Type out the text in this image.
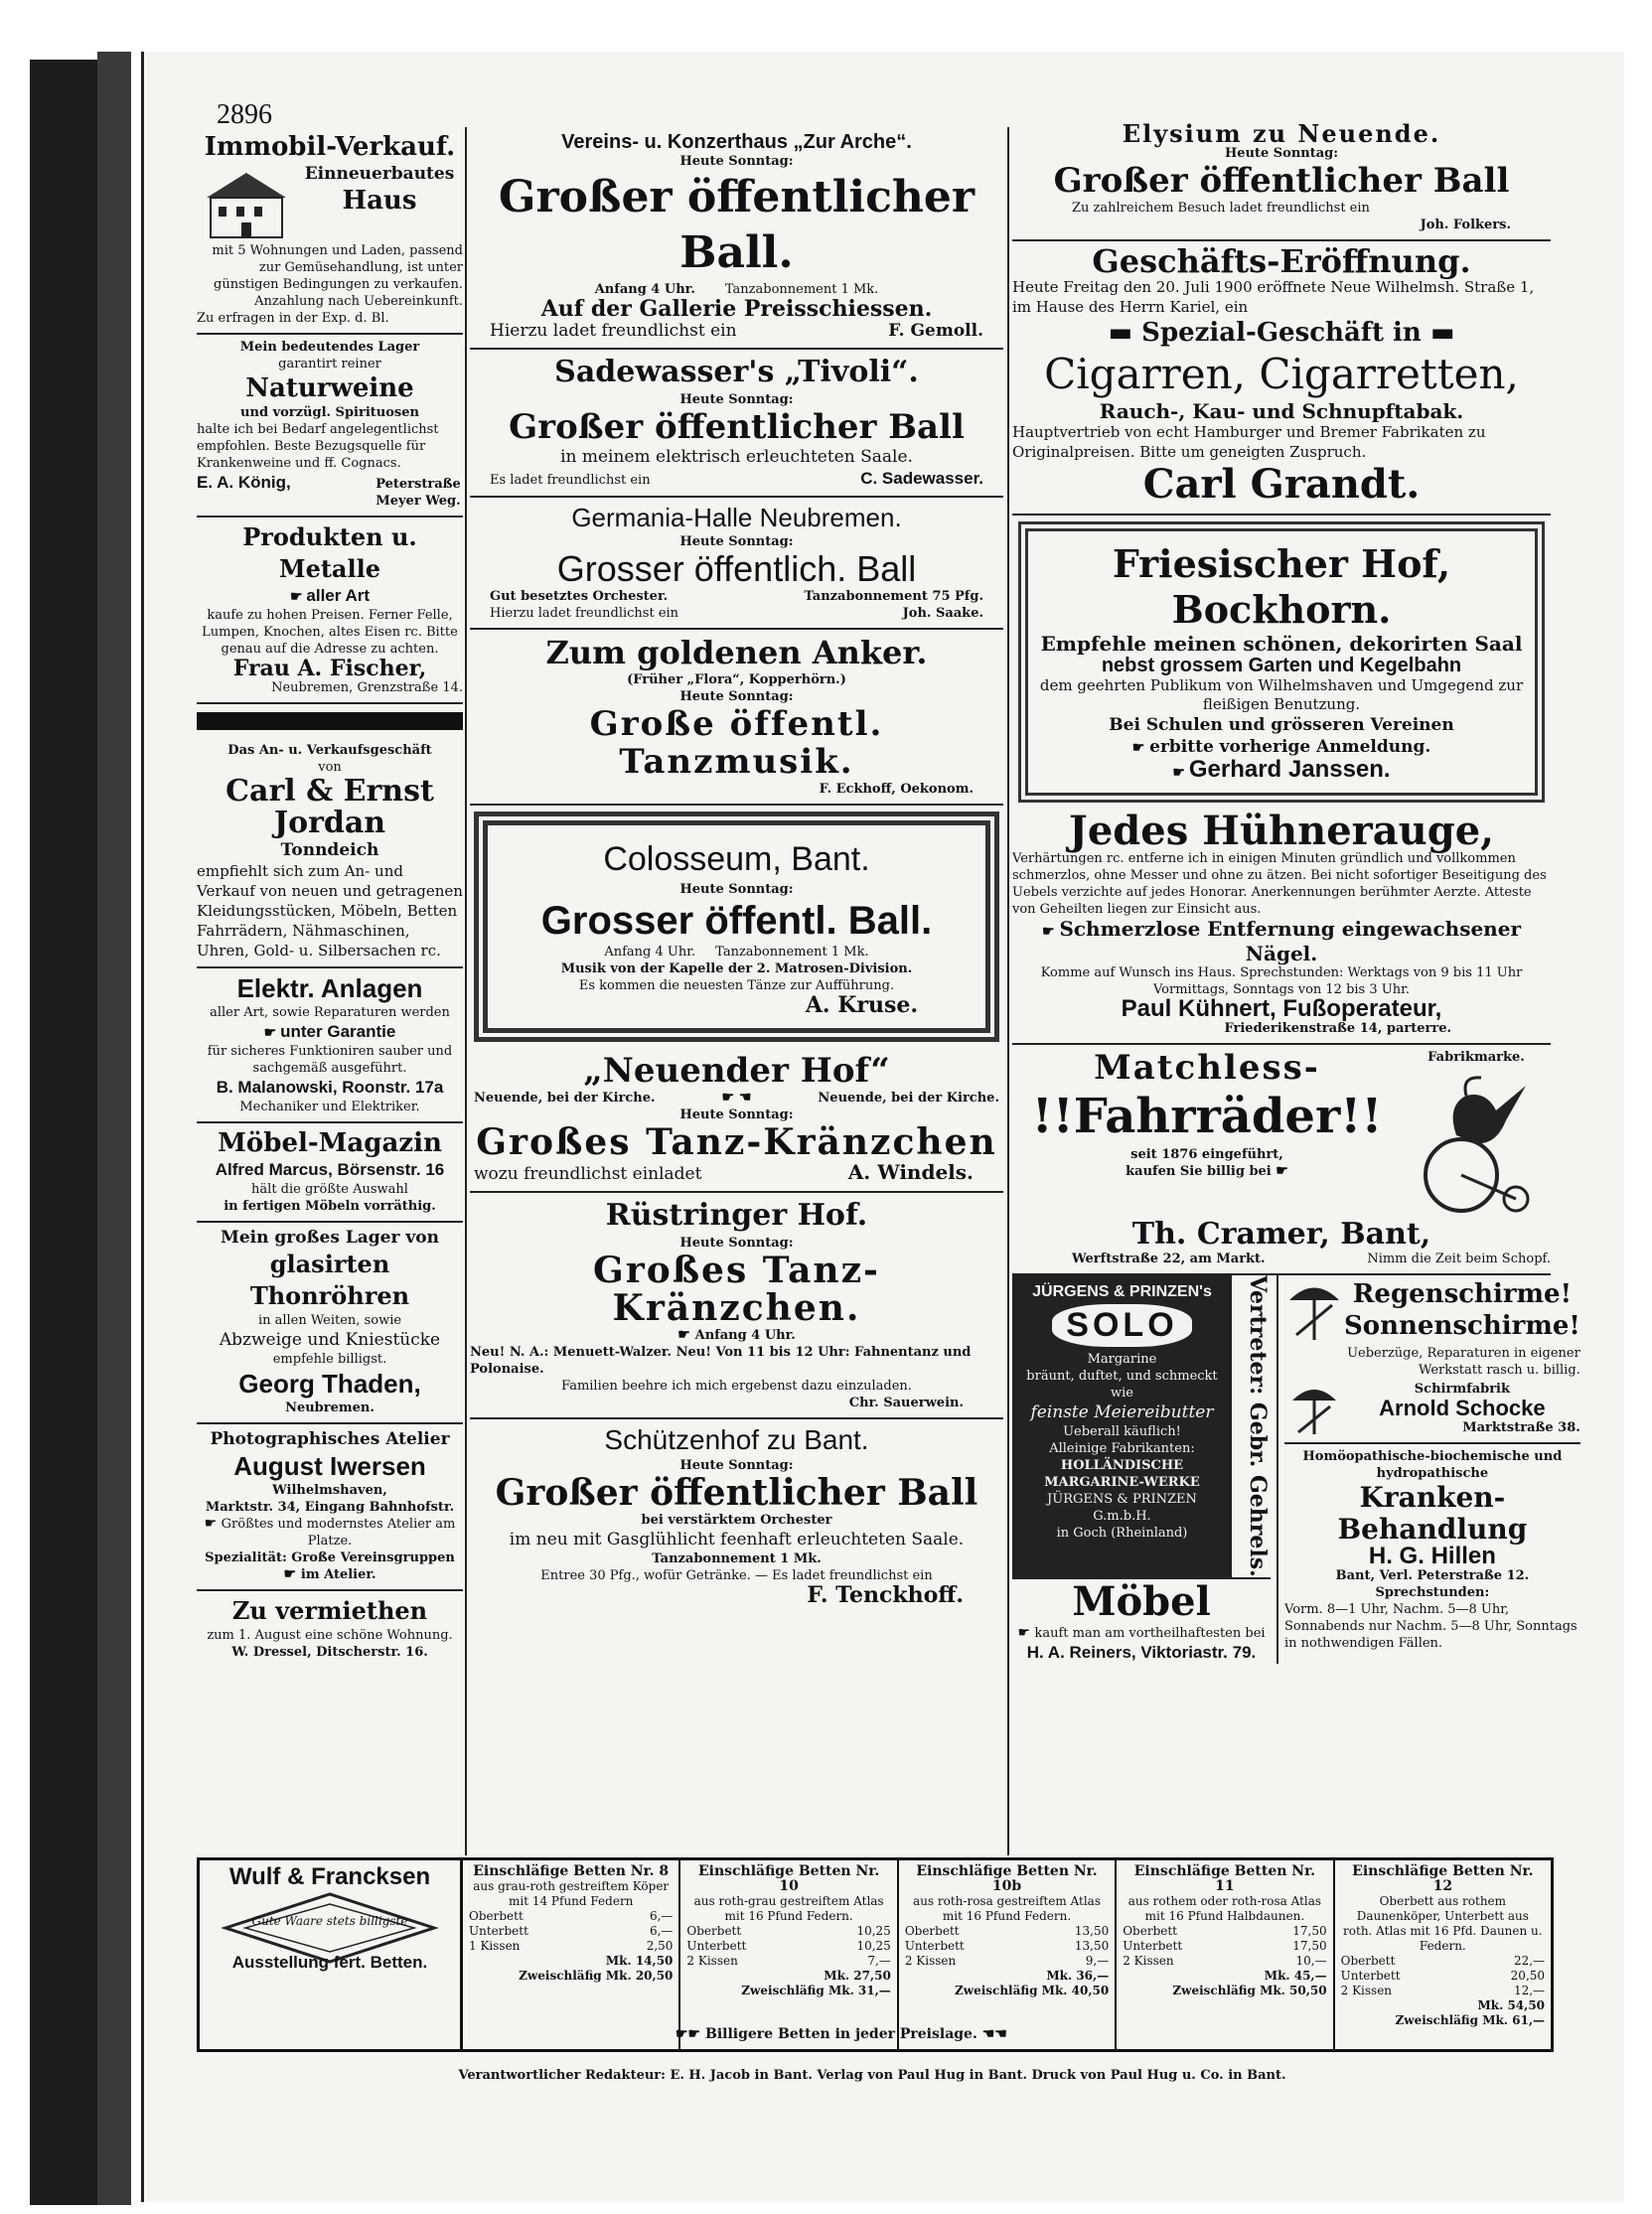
2896
Immobil-Verkauf.
Einneuerbautes
Haus
mit 5 Wohnungen und Laden, passend zur Gemüsehandlung, ist unter günstigen Bedingungen zu verkaufen. Anzahlung nach Uebereinkunft.
Zu erfragen in der Exp. d. Bl.
Mein bedeutendes Lager
garantirt reiner
Naturweine
und vorzügl. Spirituosen
halte ich bei Bedarf angelegentlichst empfohlen. Beste Bezugsquelle für Krankenweine und ff. Cognacs.
E. A. König,	Peterstraße Meyer Weg.
Produkten u. Metalle
☛ aller Art
kaufe zu hohen Preisen. Ferner Felle, Lumpen, Knochen, altes Eisen rc. Bitte genau auf die Adresse zu achten.
Frau A. Fischer,
Neubremen, Grenzstraße 14.
Das An- u. Verkaufsgeschäft
von
Carl & Ernst Jordan
Tonndeich
empfiehlt sich zum An- und Verkauf von neuen und getragenen Kleidungsstücken, Möbeln, Betten Fahrrädern, Nähmaschinen, Uhren, Gold- u. Silbersachen rc.
Elektr. Anlagen
aller Art, sowie Reparaturen werden
☛ unter Garantie
für sicheres Funktioniren sauber und sachgemäß ausgeführt.
B. Malanowski, Roonstr. 17a
Mechaniker und Elektriker.
Möbel-Magazin
Alfred Marcus, Börsenstr. 16
hält die größte Auswahl
in fertigen Möbeln vorräthig.
Mein großes Lager von
glasirten Thonröhren
in allen Weiten, sowie
Abzweige und Kniestücke
empfehle billigst.
Georg Thaden,
Neubremen.
Photographisches Atelier
August Iwersen
Wilhelmshaven,
Marktstr. 34, Eingang Bahnhofstr.
☛ Größtes und modernstes Atelier am Platze.
Spezialität: Große Vereinsgruppen
☛ im Atelier.
Zu vermiethen
zum 1. August eine schöne Wohnung.
W. Dressel, Ditscherstr. 16.
Vereins- u. Konzerthaus „Zur Arche“.
Heute Sonntag:
Großer öffentlicher Ball.
Anfang 4 Uhr. Tanzabonnement 1 Mk.
Auf der Gallerie Preisschiessen.
Hierzu ladet freundlichst ein	F. Gemoll.
Sadewasser's „Tivoli“.
Heute Sonntag:
Großer öffentlicher Ball
in meinem elektrisch erleuchteten Saale.
Es ladet freundlichst ein	C. Sadewasser.
Germania-Halle Neubremen.
Heute Sonntag:
Grosser öffentlich. Ball
Gut besetztes Orchester.	Tanzabonnement 75 Pfg.
Hierzu ladet freundlichst ein	Joh. Saake.
Zum goldenen Anker.
(Früher „Flora“, Kopperhörn.)
Heute Sonntag:
Große öffentl. Tanzmusik.
F. Eckhoff, Oekonom.
Colosseum, Bant.
Heute Sonntag:
Grosser öffentl. Ball.
Anfang 4 Uhr. Tanzabonnement 1 Mk.
Musik von der Kapelle der 2. Matrosen-Division.
Es kommen die neuesten Tänze zur Aufführung.
A. Kruse.
„Neuender Hof“
Neuende, bei der Kirche.	☛ ☚	Neuende, bei der Kirche.
Heute Sonntag:
Großes Tanz-Kränzchen
wozu freundlichst einladet	A. Windels.
Rüstringer Hof.
Heute Sonntag:
Großes Tanz-Kränzchen.
☛ Anfang 4 Uhr.
Neu! N. A.: Menuett-Walzer. Neu! Von 11 bis 12 Uhr: Fahnentanz und Polonaise.
Familien beehre ich mich ergebenst dazu einzuladen.
Chr. Sauerwein.
Schützenhof zu Bant.
Heute Sonntag:
Großer öffentlicher Ball
bei verstärktem Orchester
im neu mit Gasglühlicht feenhaft erleuchteten Saale.
Tanzabonnement 1 Mk.
Entree 30 Pfg., wofür Getränke. — Es ladet freundlichst ein
F. Tenckhoff.
Elysium zu Neuende.
Heute Sonntag:
Großer öffentlicher Ball
Zu zahlreichem Besuch ladet freundlichst ein
Joh. Folkers.
Geschäfts-Eröffnung.
Heute Freitag den 20. Juli 1900 eröffnete Neue Wilhelmsh. Straße 1, im Hause des Herrn Kariel, ein
▬ Spezial-Geschäft in ▬
Cigarren, Cigarretten,
Rauch-, Kau- und Schnupftabak.
Hauptvertrieb von echt Hamburger und Bremer Fabrikaten zu Originalpreisen. Bitte um geneigten Zuspruch.
Carl Grandt.
Friesischer Hof, Bockhorn.
Empfehle meinen schönen, dekorirten Saal
nebst grossem Garten und Kegelbahn
dem geehrten Publikum von Wilhelmshaven und Umgegend zur fleißigen Benutzung.
Bei Schulen und grösseren Vereinen
☛ erbitte vorherige Anmeldung.
☛ Gerhard Janssen.
Jedes Hühnerauge,
Verhärtungen rc. entferne ich in einigen Minuten gründlich und vollkommen schmerzlos, ohne Messer und ohne zu ätzen. Bei nicht sofortiger Beseitigung des Uebels verzichte auf jedes Honorar. Anerkennungen berühmter Aerzte. Atteste von Geheilten liegen zur Einsicht aus.
☛ Schmerzlose Entfernung eingewachsener Nägel.
Komme auf Wunsch ins Haus. Sprechstunden: Werktags von 9 bis 11 Uhr Vormittags, Sonntags von 12 bis 3 Uhr.
Paul Kühnert, Fußoperateur,
Friederikenstraße 14, parterre.
Matchless-
!!Fahrräder!!
seit 1876 eingeführt,
kaufen Sie billig bei ☛
Fabrikmarke.
Th. Cramer, Bant,
Werftstraße 22, am Markt.	Nimm die Zeit beim Schopf.
JÜRGENS & PRINZEN's
SOLO
Margarine
bräunt, duftet, und schmeckt wie
feinste Meiereibutter
Ueberall käuflich!
Alleinige Fabrikanten:
HOLLÄNDISCHE MARGARINE-WERKE
JÜRGENS & PRINZEN G.m.b.H.
in Goch (Rheinland)	Vertreter: Gebr. Gehrels.
Möbel
☛ kauft man am vortheilhaftesten bei
H. A. Reiners, Viktoriastr. 79.
Regenschirme!
Sonnenschirme!
Ueberzüge, Reparaturen in eigener Werkstatt rasch u. billig.
Schirmfabrik
Arnold Schocke
Marktstraße 38.
Homöopathische-biochemische und hydropathische
Kranken-Behandlung
H. G. Hillen
Bant, Verl. Peterstraße 12.
Sprechstunden:
Vorm. 8—1 Uhr, Nachm. 5—8 Uhr, Sonnabends nur Nachm. 5—8 Uhr, Sonntags in nothwendigen Fällen.
Wulf & Francksen
Gute Waare stets billigste
Ausstellung fert. Betten.
Einschläfige Betten Nr. 8
aus grau-roth gestreiftem Köper mit 14 Pfund Federn
Oberbett	6,—
Unterbett	6,—
1 Kissen	2,50
Mk. 14,50
Zweischläfig Mk. 20,50
Einschläfige Betten Nr. 10
aus roth-grau gestreiftem Atlas mit 16 Pfund Federn.
Oberbett	10,25
Unterbett	10,25
2 Kissen	7,—
Mk. 27,50
Zweischläfig Mk. 31,—
Einschläfige Betten Nr. 10b
aus roth-rosa gestreiftem Atlas mit 16 Pfund Federn.
Oberbett	13,50
Unterbett	13,50
2 Kissen	9,—
Mk. 36,—
Zweischläfig Mk. 40,50
Einschläfige Betten Nr. 11
aus rothem oder roth-rosa Atlas mit 16 Pfund Halbdaunen.
Oberbett	17,50
Unterbett	17,50
2 Kissen	10,—
Mk. 45,—
Zweischläfig Mk. 50,50
Einschläfige Betten Nr. 12
Oberbett aus rothem Daunenköper, Unterbett aus roth. Atlas mit 16 Pfd. Daunen u. Federn.
Oberbett	22,—
Unterbett	20,50
2 Kissen	12,—
Mk. 54,50
Zweischläfig Mk. 61,—
☛☛ Billigere Betten in jeder Preislage. ☚☚
Verantwortlicher Redakteur: E. H. Jacob in Bant. Verlag von Paul Hug in Bant. Druck von Paul Hug u. Co. in Bant.
